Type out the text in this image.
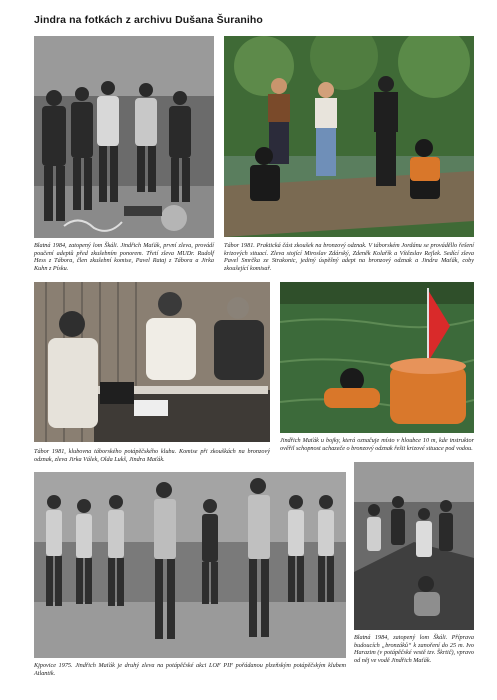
Jindra na fotkách z archivu Dušana Šuraniho
Blatná 1984, zatopený lom Škáli. Jindřich Maťák, první zleva, provádí poučení adeptů před zkušebním ponorem. Třetí zleva MUDr. Rudolf Hess z Tábora, člen zkušební komise, Pavel Rataj z Tábora a Jirka Kuhn z Písku.
Tábor 1981. Praktická část zkoušek na bronzový odznak. V táborském Jordánu se prováděllo řešení krizových situací. Zleva stojící Miroslav Zdárský, Zdeněk Kolařík a Vítězslav Rejlek. Sedící zleva Pavel Smrčka ze Strakonic, jediný úspěšný adept na bronzový odznak a Jindra Maťák, coby zkoušející komisař.
Tábor 1981, klubovna táborského potápěčského klubu. Komise při zkouškách na bronzový odznak, zleva Jirka Válek, Olda Lukš, Jindra Maťák.
Jindřich Maťák u bojky, která označuje místo v hloubce 10 m, kde instruktor ověřil schopnost uchazeče o bronzový odznak řešit krizové situace pod vodou.
Kjpovice 1975. Jindřich Maťák je druhý zleva na potápěčské akci LOF PIF pořádanou plzeňským potápěčským klubem Atlantik.
Blatná 1984, zatopený lom Škáli. Příprava budoucích „bronzáků“ k zanoření do 25 m. Ivo Harazim (v potápěčské vestě tzv. Škrtič), vpravo od něj ve vodě Jindřich Maťák.
